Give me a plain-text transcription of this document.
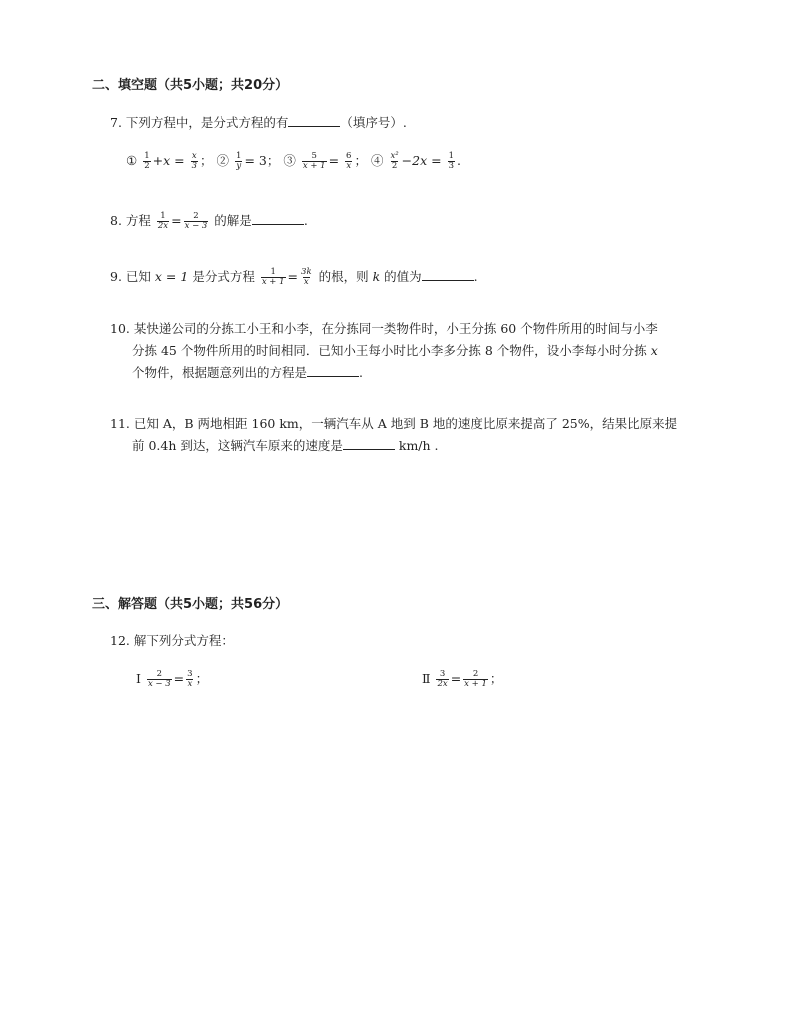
二、填空题（共5小题；共20分）
7. 下列方程中，是分式方程的有	（填序号）.
① $\frac{1}{2} +x = \frac{x}{3}$ ； ② $\frac{1}{y} = 3$； ③ $\frac{5}{x + 1} = \frac{6}{x}$ ； ④ $\frac{\text{x²}}{2} -2x = \frac{1}{3}$ .
8. 方程 $\frac{1}{2x} = \frac{2}{x - 3}$ 的解是	.
9. 已知 x = 1 是分式方程 $\frac{1}{x + 1} = \frac{3k}{x}$ 的根，则 k 的值为	.
10. 某快递公司的分拣工小王和小李，在分拣同一类物件时，小王分拣 60 个物件所用的时间与小李
分拣 45 个物件所用的时间相同．已知小王每小时比小李多分拣 8 个物件，设小李每小时分拣 x
个物件，根据题意列出的方程是	.
11. 已知 A，B 两地相距 160 km，一辆汽车从 A 地到 B 地的速度比原来提高了 25%，结果比原来提
前 0.4h 到达，这辆汽车原来的速度是	km/h .
三、解答题（共5小题；共56分）
12. 解下列分式方程：
Ⅰ $\frac{2}{x - 3} = \frac{3}{x}$ ；	Ⅱ $\frac{3}{2x} = \frac{2}{x + 1}$ ；
